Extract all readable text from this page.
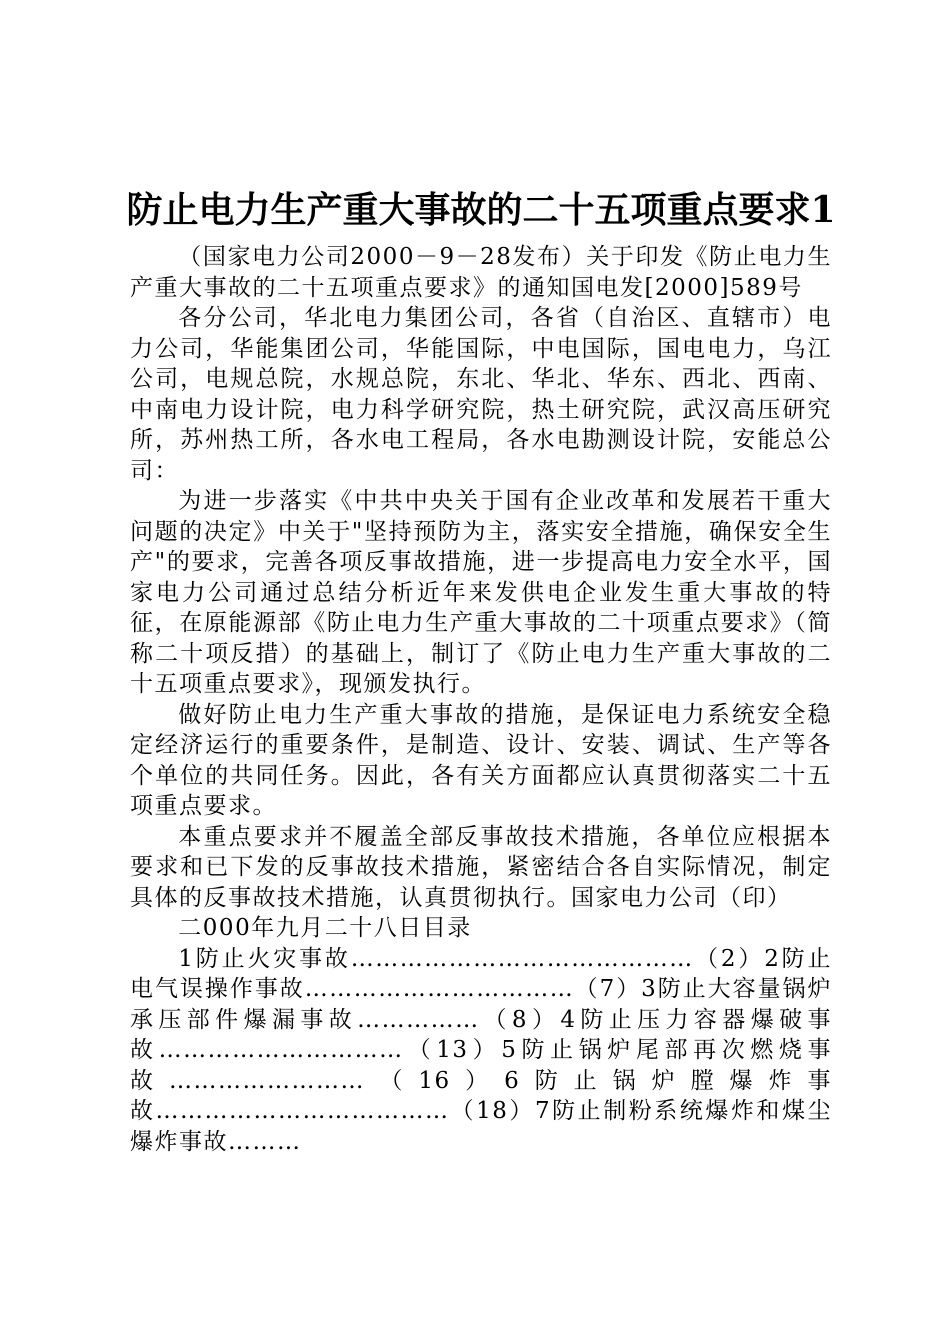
防止电力生产重大事故的二十五项重点要求1

（国家电力公司2000－9－28发布）关于印发《防止电力生产重大事故的二十五项重点要求》的通知国电发[2000]589号

各分公司，华北电力集团公司，各省（自治区、直辖市）电力公司，华能集团公司，华能国际，中电国际，国电电力，乌江公司，电规总院，水规总院，东北、华北、华东、西北、西南、中南电力设计院，电力科学研究院，热土研究院，武汉高压研究所，苏州热工所，各水电工程局，各水电勘测设计院，安能总公司：

为进一步落实《中共中央关于国有企业改革和发展若干重大问题的决定》中关于"坚持预防为主，落实安全措施，确保安全生产"的要求，完善各项反事故措施，进一步提高电力安全水平，国家电力公司通过总结分析近年来发供电企业发生重大事故的特征，在原能源部《防止电力生产重大事故的二十项重点要求》（简称二十项反措）的基础上，制订了《防止电力生产重大事故的二十五项重点要求》，现颁发执行。

做好防止电力生产重大事故的措施，是保证电力系统安全稳定经济运行的重要条件，是制造、设计、安装、调试、生产等各个单位的共同任务。因此，各有关方面都应认真贯彻落实二十五项重点要求。

本重点要求并不履盖全部反事故技术措施，各单位应根据本要求和已下发的反事故技术措施，紧密结合各自实际情况，制定具体的反事故技术措施，认真贯彻执行。国家电力公司（印）

二000年九月二十八日目录

1防止火灾事故……………………………………（2）2防止电气误操作事故……………………………（7）3防止大容量锅炉承压部件爆漏事故……………（8）4防止压力容器爆破事故…………………………（13）5防止锅炉尾部再次燃烧事故……………………（16）6防止锅炉膛爆炸事故………………………………（18）7防止制粉系统爆炸和煤尘爆炸事故………
